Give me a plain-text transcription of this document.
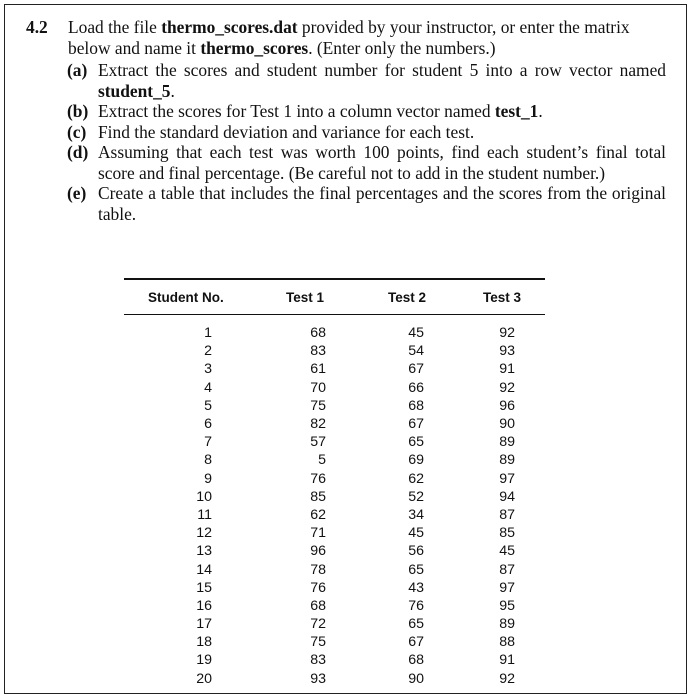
4.2 Load the file thermo_scores.dat provided by your instructor, or enter the matrix below and name it thermo_scores. (Enter only the numbers.)
(a) Extract the scores and student number for student 5 into a row vector named student_5.
(b) Extract the scores for Test 1 into a column vector named test_1.
(c) Find the standard deviation and variance for each test.
(d) Assuming that each test was worth 100 points, find each student’s final total score and final percentage. (Be careful not to add in the student number.)
(e) Create a table that includes the final percentages and the scores from the original table.
Student No.	Test 1	Test 2	Test 3
1	68	45	92
2	83	54	93
3	61	67	91
4	70	66	92
5	75	68	96
6	82	67	90
7	57	65	89
8	5	69	89
9	76	62	97
10	85	52	94
11	62	34	87
12	71	45	85
13	96	56	45
14	78	65	87
15	76	43	97
16	68	76	95
17	72	65	89
18	75	67	88
19	83	68	91
20	93	90	92
